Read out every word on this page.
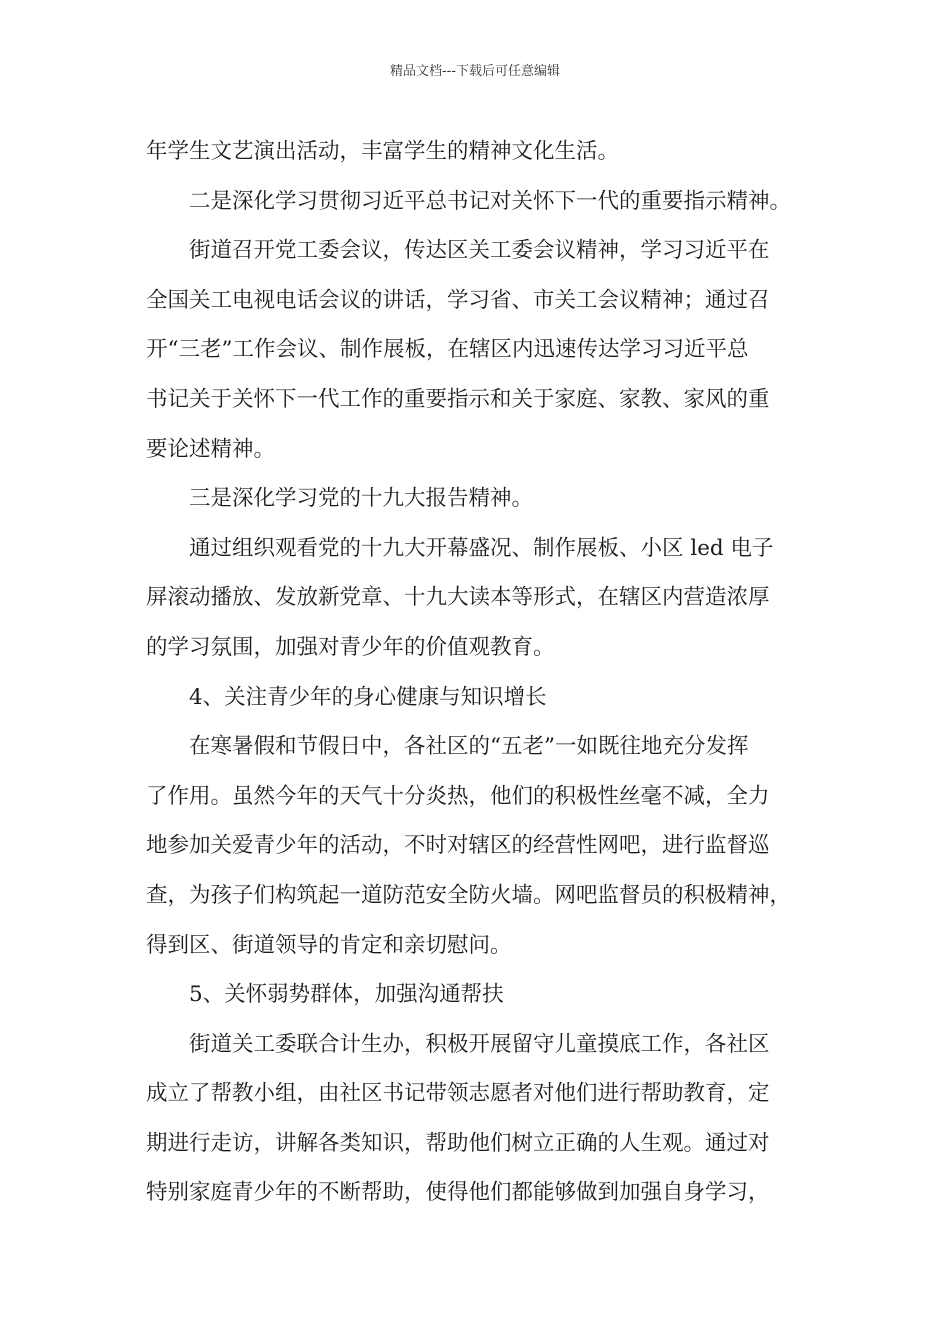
精品文档---下载后可任意编辑
年学生文艺演出活动，丰富学生的精神文化生活。
二是深化学习贯彻习近平总书记对关怀下一代的重要指示精神。
街道召开党工委会议，传达区关工委会议精神，学习习近平在
全国关工电视电话会议的讲话，学习省、市关工会议精神；通过召
开“三老”工作会议、制作展板，在辖区内迅速传达学习习近平总
书记关于关怀下一代工作的重要指示和关于家庭、家教、家风的重
要论述精神。
三是深化学习党的十九大报告精神。
通过组织观看党的十九大开幕盛况、制作展板、小区 led 电子
屏滚动播放、发放新党章、十九大读本等形式，在辖区内营造浓厚
的学习氛围，加强对青少年的价值观教育。
4、关注青少年的身心健康与知识增长
在寒暑假和节假日中，各社区的“五老”一如既往地充分发挥
了作用。虽然今年的天气十分炎热，他们的积极性丝毫不减，全力
地参加关爱青少年的活动，不时对辖区的经营性网吧，进行监督巡
查，为孩子们构筑起一道防范安全防火墙。网吧监督员的积极精神，
得到区、街道领导的肯定和亲切慰问。
5、关怀弱势群体，加强沟通帮扶
街道关工委联合计生办，积极开展留守儿童摸底工作，各社区
成立了帮教小组，由社区书记带领志愿者对他们进行帮助教育，定
期进行走访，讲解各类知识，帮助他们树立正确的人生观。通过对
特别家庭青少年的不断帮助，使得他们都能够做到加强自身学习，
